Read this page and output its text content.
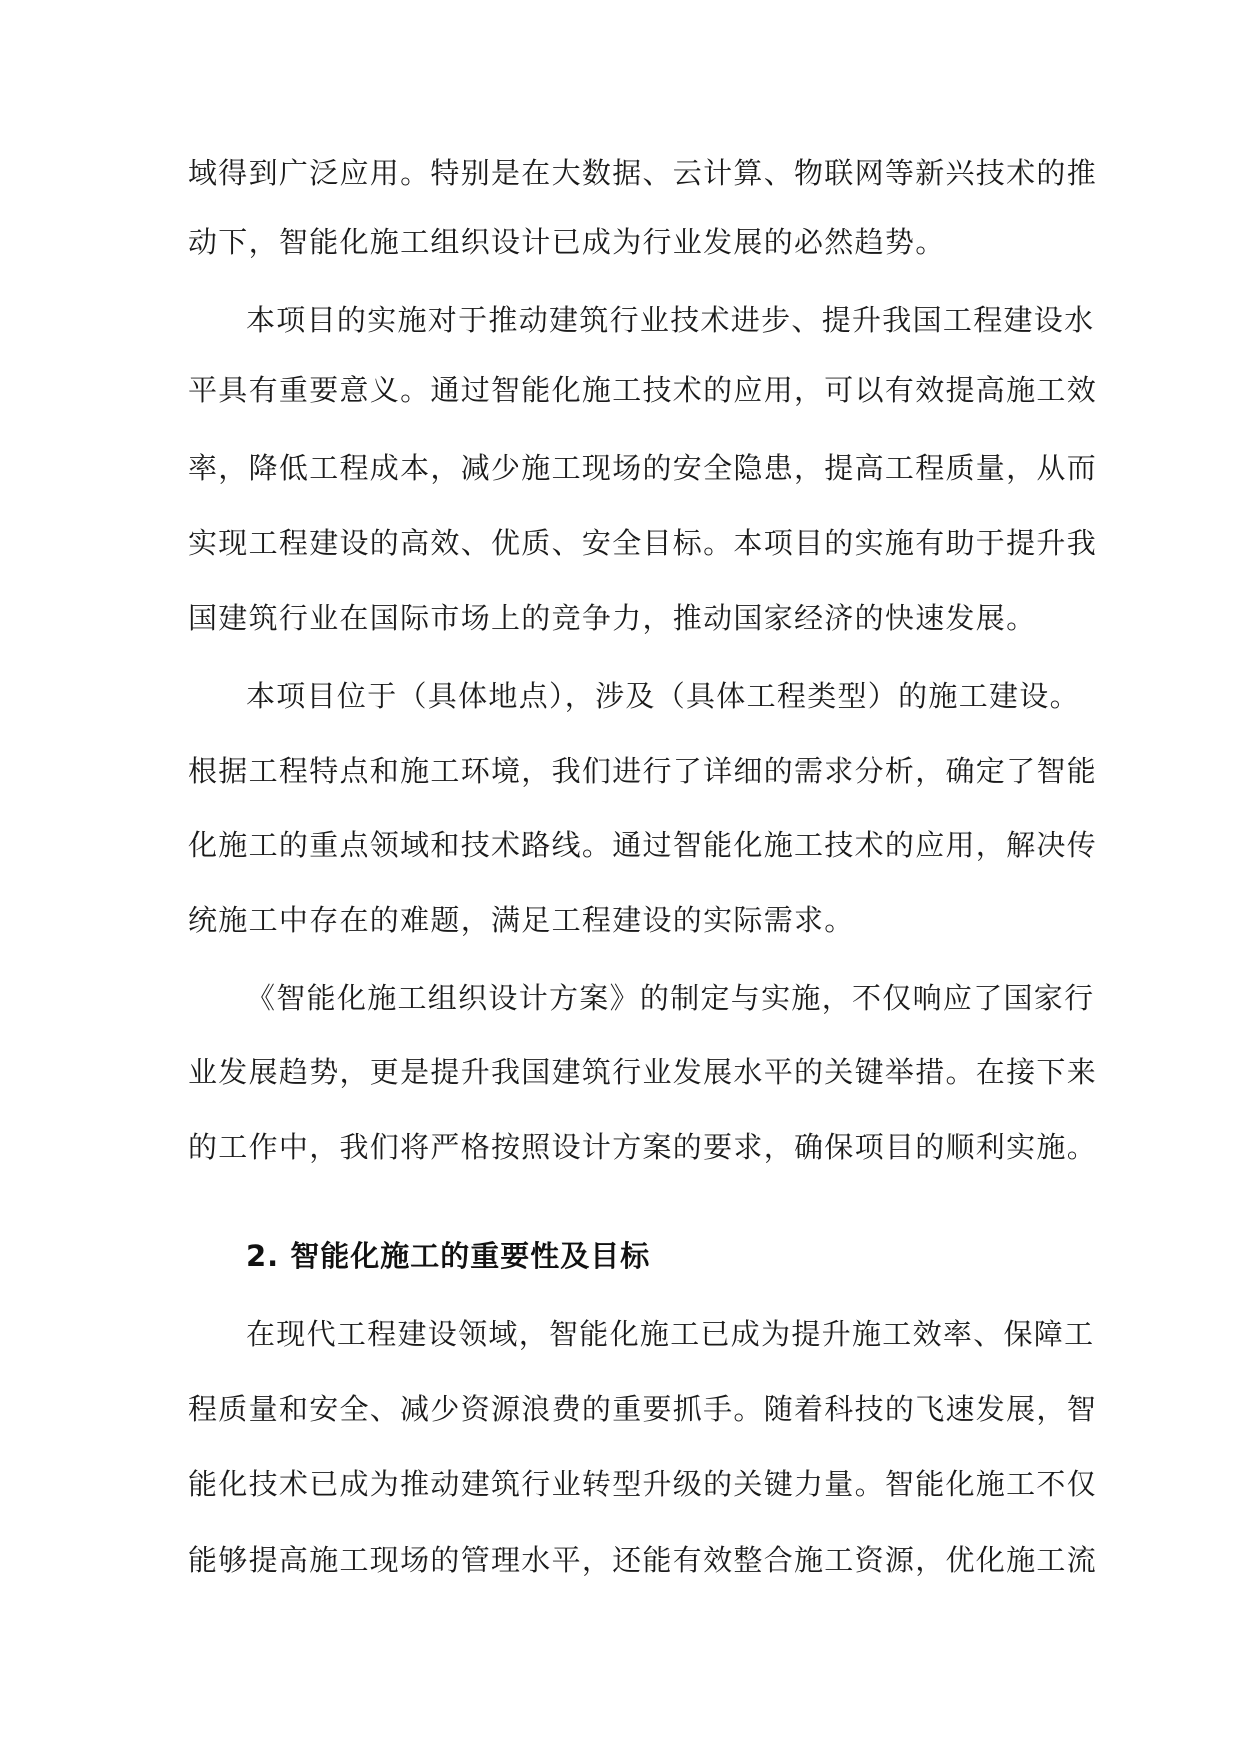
域得到广泛应用。特别是在大数据、云计算、物联网等新兴技术的推
动下，智能化施工组织设计已成为行业发展的必然趋势。
本项目的实施对于推动建筑行业技术进步、提升我国工程建设水
平具有重要意义。通过智能化施工技术的应用，可以有效提高施工效
率，降低工程成本，减少施工现场的安全隐患，提高工程质量，从而
实现工程建设的高效、优质、安全目标。本项目的实施有助于提升我
国建筑行业在国际市场上的竞争力，推动国家经济的快速发展。
本项目位于（具体地点），涉及（具体工程类型）的施工建设。
根据工程特点和施工环境，我们进行了详细的需求分析，确定了智能
化施工的重点领域和技术路线。通过智能化施工技术的应用，解决传
统施工中存在的难题，满足工程建设的实际需求。
《智能化施工组织设计方案》的制定与实施，不仅响应了国家行
业发展趋势，更是提升我国建筑行业发展水平的关键举措。在接下来
的工作中，我们将严格按照设计方案的要求，确保项目的顺利实施。
2. 智能化施工的重要性及目标
在现代工程建设领域，智能化施工已成为提升施工效率、保障工
程质量和安全、减少资源浪费的重要抓手。随着科技的飞速发展，智
能化技术已成为推动建筑行业转型升级的关键力量。智能化施工不仅
能够提高施工现场的管理水平，还能有效整合施工资源，优化施工流
